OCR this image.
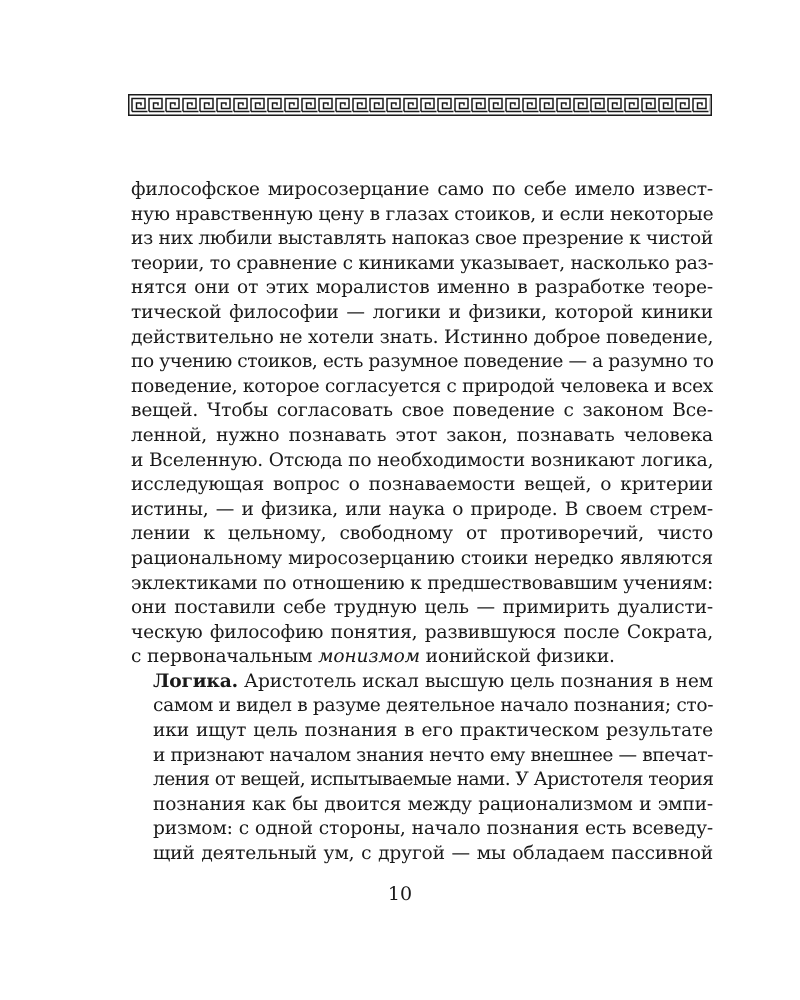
философское миросозерцание само по себе имело извест-
ную нравственную цену в глазах стоиков, и если некоторые
из них любили выставлять напоказ свое презрение к чистой
теории, то сравнение с киниками указывает, насколько раз-
нятся они от этих моралистов именно в разработке теоре-
тической философии — логики и физики, которой киники
действительно не хотели знать. Истинно доброе поведение,
по учению стоиков, есть разумное поведение — а разумно то
поведение, которое согласуется с природой человека и всех
вещей. Чтобы согласовать свое поведение с законом Все-
ленной, нужно познавать этот закон, познавать человека
и Вселенную. Отсюда по необходимости возникают логика,
исследующая вопрос о познаваемости вещей, о критерии
истины, — и физика, или наука о природе. В своем стрем-
лении к цельному, свободному от противоречий, чисто
рациональному миросозерцанию стоики нередко являются
эклектиками по отношению к предшествовавшим учениям:
они поставили себе трудную цель — примирить дуалисти-
ческую философию понятия, развившуюся после Сократа,
с первоначальным монизмом ионийской физики.

Логика. Аристотель искал высшую цель познания в нем
самом и видел в разуме деятельное начало познания; сто-
ики ищут цель познания в его практическом результате
и признают началом знания нечто ему внешнее — впечат-
ления от вещей, испытываемые нами. У Аристотеля теория
познания как бы двоится между рационализмом и эмпи-
ризмом: с одной стороны, начало познания есть всеведу-
щий деятельный ум, с другой — мы обладаем пассивной

10
